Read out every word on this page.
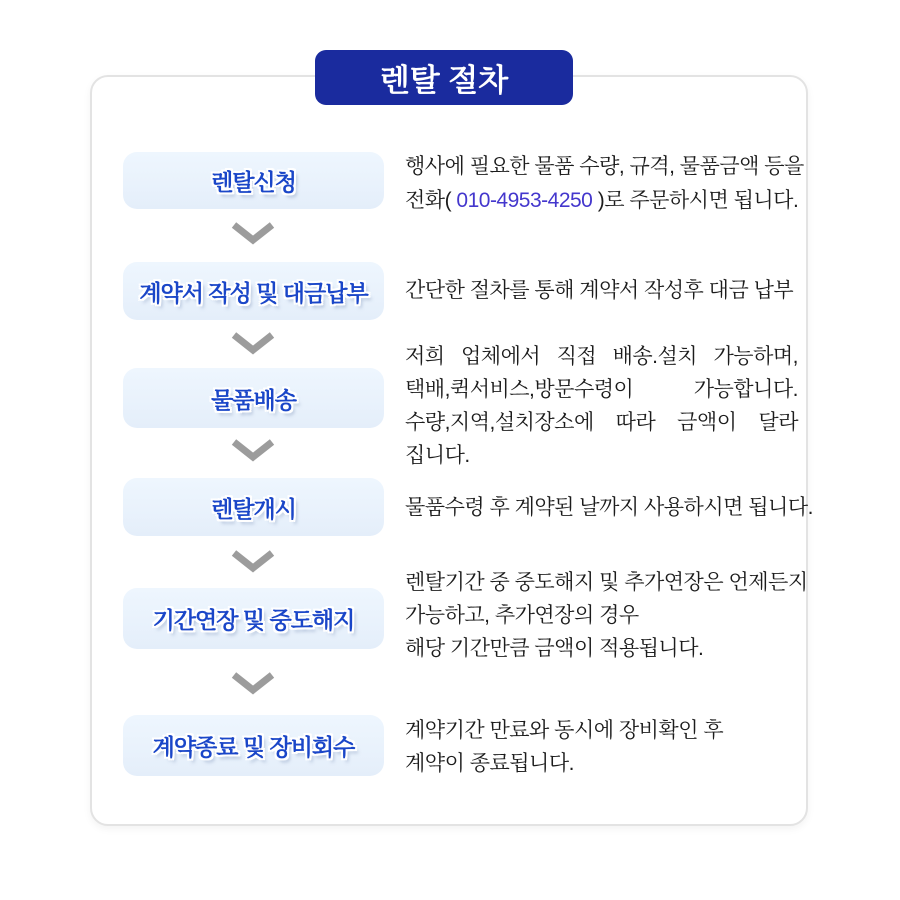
렌탈 절차
렌탈신청
행사에 필요한 물품 수량, 규격, 물품금액 등을
전화( 010-4953-4250 )로 주문하시면 됩니다.
계약서 작성 및 대금납부 간단한 절차를 통해 계약서 작성후 대금 납부
물품배송
저희 업체에서 직접 배송.설치 가능하며,
택배,퀵서비스,방문수령이 가능합니다.
수량,지역,설치장소에 따라 금액이 달라
집니다.
렌탈개시	물품수령 후 계약된 날까지 사용하시면 됩니다.
기간연장 및 중도해지
렌탈기간 중 중도해지 및 추가연장은 언제든지
가능하고, 추가연장의 경우
해당 기간만큼 금액이 적용됩니다.
계약종료 및 장비회수
계약기간 만료와 동시에 장비확인 후
계약이 종료됩니다.
